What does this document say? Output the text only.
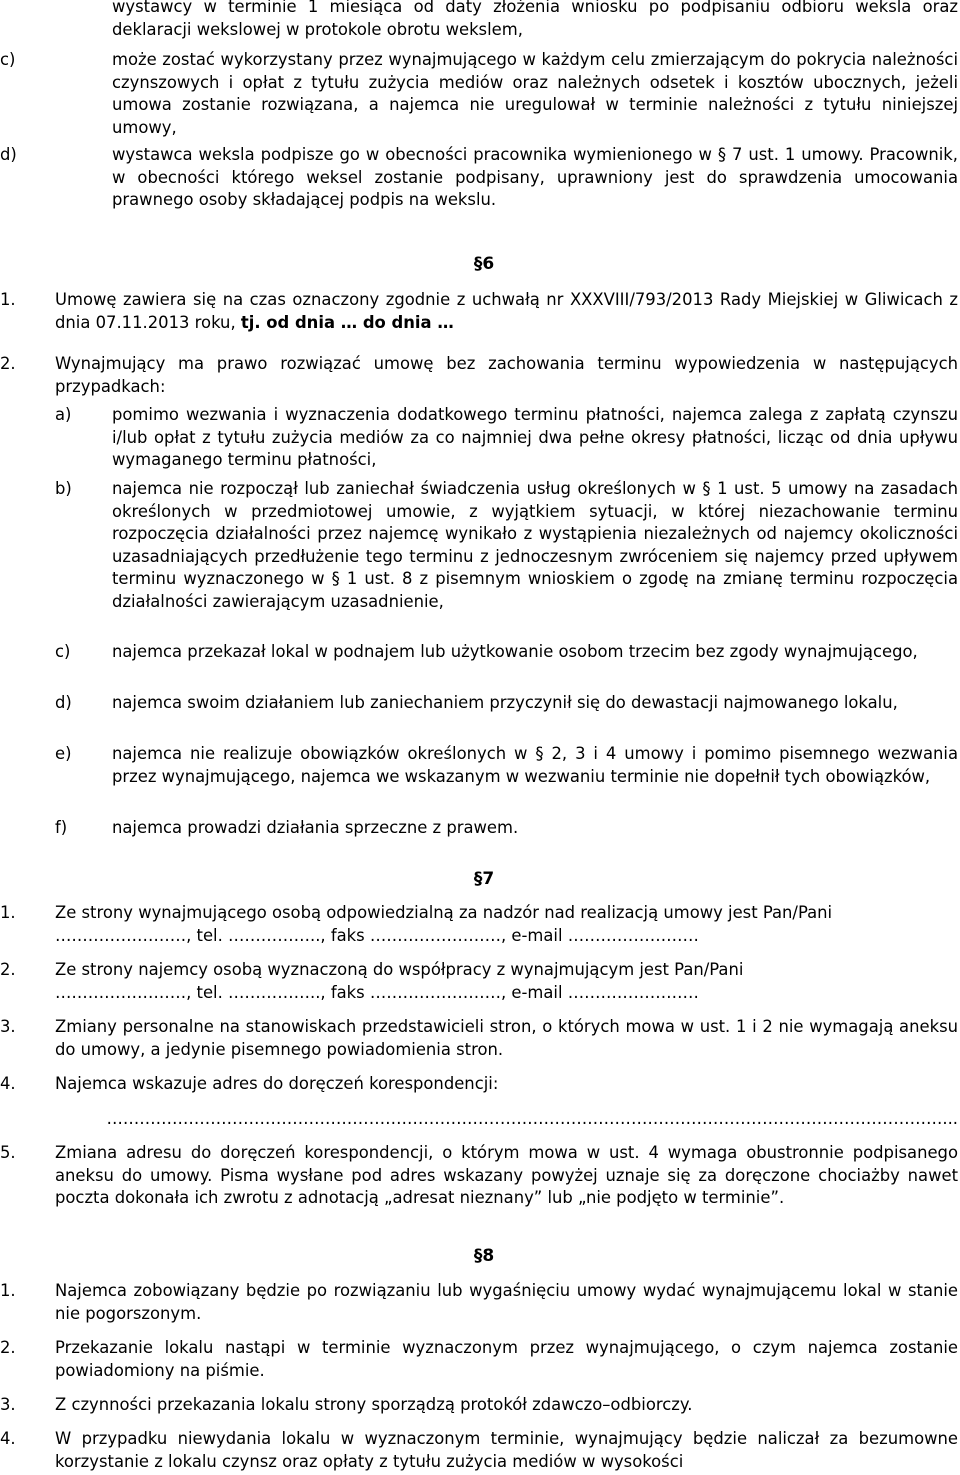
wystawcy w terminie 1 miesiąca od daty złożenia wniosku po podpisaniu odbioru weksla oraz deklaracji wekslowej w protokole obrotu wekslem,
c)	może zostać wykorzystany przez wynajmującego w każdym celu zmierzającym do pokrycia należności czynszowych i opłat z tytułu zużycia mediów oraz należnych odsetek i kosztów ubocznych, jeżeli umowa zostanie rozwiązana, a najemca nie uregulował w terminie należności z tytułu niniejszej umowy,
d)	wystawca weksla podpisze go w obecności pracownika wymienionego w § 7 ust. 1 umowy. Pracownik, w obecności którego weksel zostanie podpisany, uprawniony jest do sprawdzenia umocowania prawnego osoby składającej podpis na wekslu.
§6
1. Umowę zawiera się na czas oznaczony zgodnie z uchwałą nr XXXVIII/793/2013 Rady Miejskiej w Gliwicach z dnia 07.11.2013 roku, tj. od dnia … do dnia …
2. Wynajmujący ma prawo rozwiązać umowę bez zachowania terminu wypowiedzenia w następujących przypadkach:
a) pomimo wezwania i wyznaczenia dodatkowego terminu płatności, najemca zalega z zapłatą czynszu i/lub opłat z tytułu zużycia mediów za co najmniej dwa pełne okresy płatności, licząc od dnia upływu wymaganego terminu płatności,
b) najemca nie rozpoczął lub zaniechał świadczenia usług określonych w § 1 ust. 5 umowy na zasadach określonych w przedmiotowej umowie, z wyjątkiem sytuacji, w której niezachowanie terminu rozpoczęcia działalności przez najemcę wynikało z wystąpienia niezależnych od najemcy okoliczności uzasadniających przedłużenie tego terminu z jednoczesnym zwróceniem się najemcy przed upływem terminu wyznaczonego w § 1 ust. 8 z pisemnym wnioskiem o zgodę na zmianę terminu rozpoczęcia działalności zawierającym uzasadnienie,
c)	najemca przekazał lokal w podnajem lub użytkowanie osobom trzecim bez zgody wynajmującego,
d) najemca swoim działaniem lub zaniechaniem przyczynił się do dewastacji najmowanego lokalu,
e) najemca nie realizuje obowiązków określonych w § 2, 3 i 4 umowy i pomimo pisemnego wezwania przez wynajmującego, najemca we wskazanym w wezwaniu terminie nie dopełnił tych obowiązków,
f)	najemca prowadzi działania sprzeczne z prawem.
§7
1. Ze strony wynajmującego osobą odpowiedzialną za nadzór nad realizacją umowy jest Pan/Pani
……………………, tel. …………….., faks ……………………, e-mail ……………………
2. Ze strony najemcy osobą wyznaczoną do współpracy z wynajmującym jest Pan/Pani
……………………, tel. …………….., faks ……………………, e-mail ……………………
3. Zmiany personalne na stanowiskach przedstawicieli stron, o których mowa w ust. 1 i 2 nie wymagają aneksu do umowy, a jedynie pisemnego powiadomienia stron.
4. Najemca wskazuje adres do doręczeń korespondencji:
………………………………………………………………………………………………………………………………………...
5. Zmiana adresu do doręczeń korespondencji, o którym mowa w ust. 4 wymaga obustronnie podpisanego aneksu do umowy. Pisma wysłane pod adres wskazany powyżej uznaje się za doręczone chociażby nawet poczta dokonała ich zwrotu z adnotacją „adresat nieznany” lub „nie podjęto w terminie”.
§8
1. Najemca zobowiązany będzie po rozwiązaniu lub wygaśnięciu umowy wydać wynajmującemu lokal w stanie nie pogorszonym.
2. Przekazanie lokalu nastąpi w terminie wyznaczonym przez wynajmującego, o czym najemca zostanie powiadomiony na piśmie.
3. Z czynności przekazania lokalu strony sporządzą protokół zdawczo–odbiorczy.
4. W przypadku niewydania lokalu w wyznaczonym terminie, wynajmujący będzie naliczał za bezumowne korzystanie z lokalu czynsz oraz opłaty z tytułu zużycia mediów w wysokości
